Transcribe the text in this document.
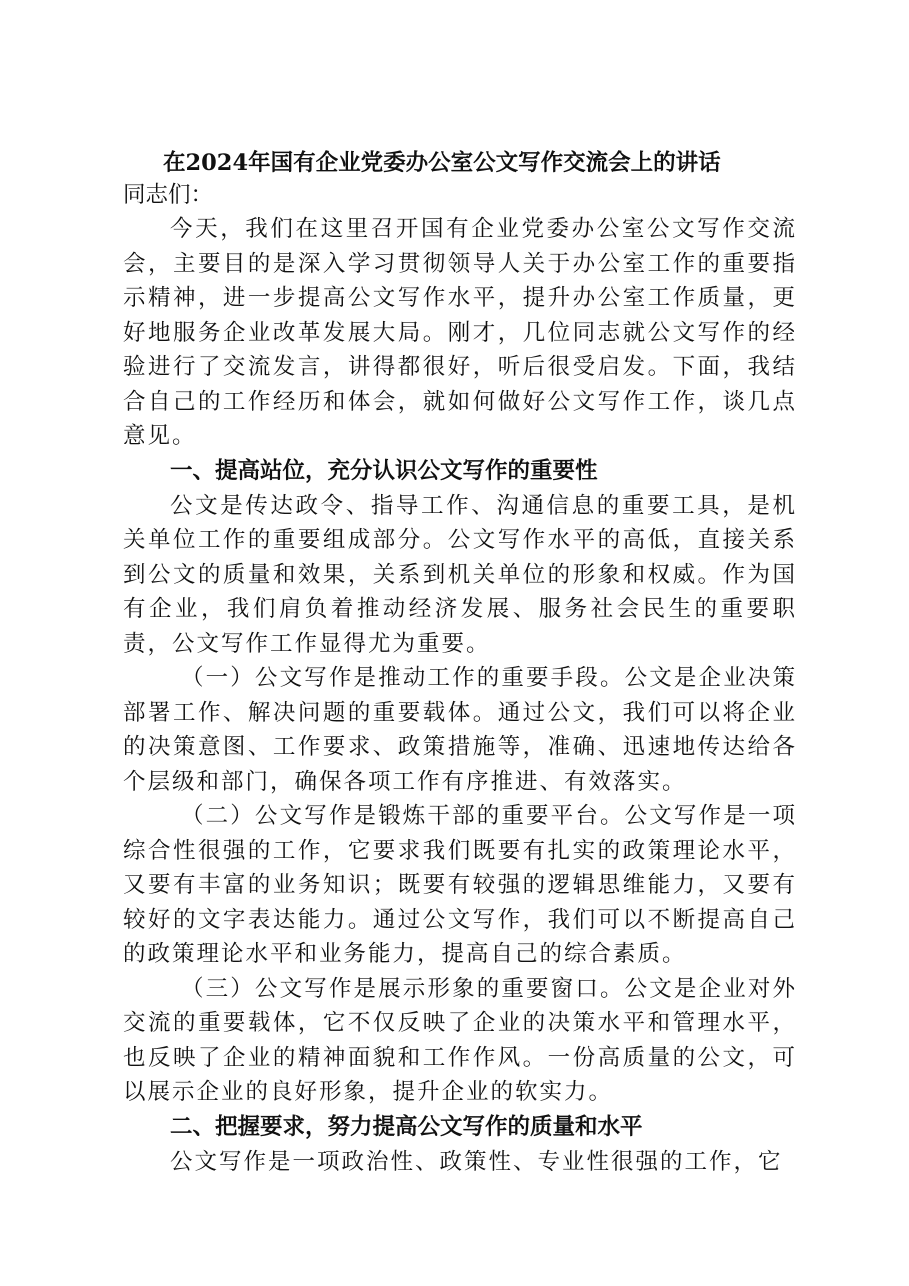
在2024年国有企业党委办公室公文写作交流会上的讲话

同志们：

今天，我们在这里召开国有企业党委办公室公文写作交流会，主要目的是深入学习贯彻领导人关于办公室工作的重要指示精神，进一步提高公文写作水平，提升办公室工作质量，更好地服务企业改革发展大局。刚才，几位同志就公文写作的经验进行了交流发言，讲得都很好，听后很受启发。下面，我结合自己的工作经历和体会，就如何做好公文写作工作，谈几点意见。

一、提高站位，充分认识公文写作的重要性

公文是传达政令、指导工作、沟通信息的重要工具，是机关单位工作的重要组成部分。公文写作水平的高低，直接关系到公文的质量和效果，关系到机关单位的形象和权威。作为国有企业，我们肩负着推动经济发展、服务社会民生的重要职责，公文写作工作显得尤为重要。

（一）公文写作是推动工作的重要手段。公文是企业决策部署工作、解决问题的重要载体。通过公文，我们可以将企业的决策意图、工作要求、政策措施等，准确、迅速地传达给各个层级和部门，确保各项工作有序推进、有效落实。

（二）公文写作是锻炼干部的重要平台。公文写作是一项综合性很强的工作，它要求我们既要有扎实的政策理论水平，又要有丰富的业务知识；既要有较强的逻辑思维能力，又要有较好的文字表达能力。通过公文写作，我们可以不断提高自己的政策理论水平和业务能力，提高自己的综合素质。

（三）公文写作是展示形象的重要窗口。公文是企业对外交流的重要载体，它不仅反映了企业的决策水平和管理水平，也反映了企业的精神面貌和工作作风。一份高质量的公文，可以展示企业的良好形象，提升企业的软实力。

二、把握要求，努力提高公文写作的质量和水平

公文写作是一项政治性、政策性、专业性很强的工作，它
